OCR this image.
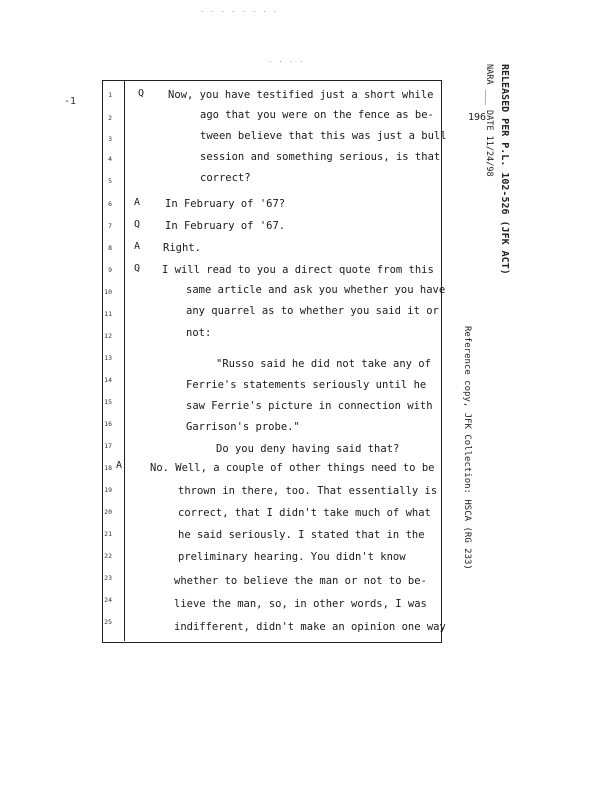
. . . . . . . .
. . . .
-1
196 RELEASED PER P.L. 102-526 (JFK ACT)
NARA ___ DATE 11/24/98
Reference copy, JFK Collection: HSCA (RG 233)
1	Q Now, you have testified just a short while
2	ago that you were on the fence as be-
3	tween believe that this was just a bull
4	session and something serious, is that
5	correct?
6 A In February of '67?
7 Q In February of '67.
8 A Right.
9 Q I will read to you a direct quote from this
10	same article and ask you whether you have
11	any quarrel as to whether you said it or
12	not:
13	"Russo said he did not take any of
14	Ferrie's statements seriously until he
15	saw Ferrie's picture in connection with
16	Garrison's probe."
17	Do you deny having said that?
18 A	No. Well, a couple of other things need to be
19	thrown in there, too. That essentially is
20	correct, that I didn't take much of what
21	he said seriously. I stated that in the
22	preliminary hearing. You didn't know
23	whether to believe the man or not to be-
24	lieve the man, so, in other words, I was
25	indifferent, didn't make an opinion one way
